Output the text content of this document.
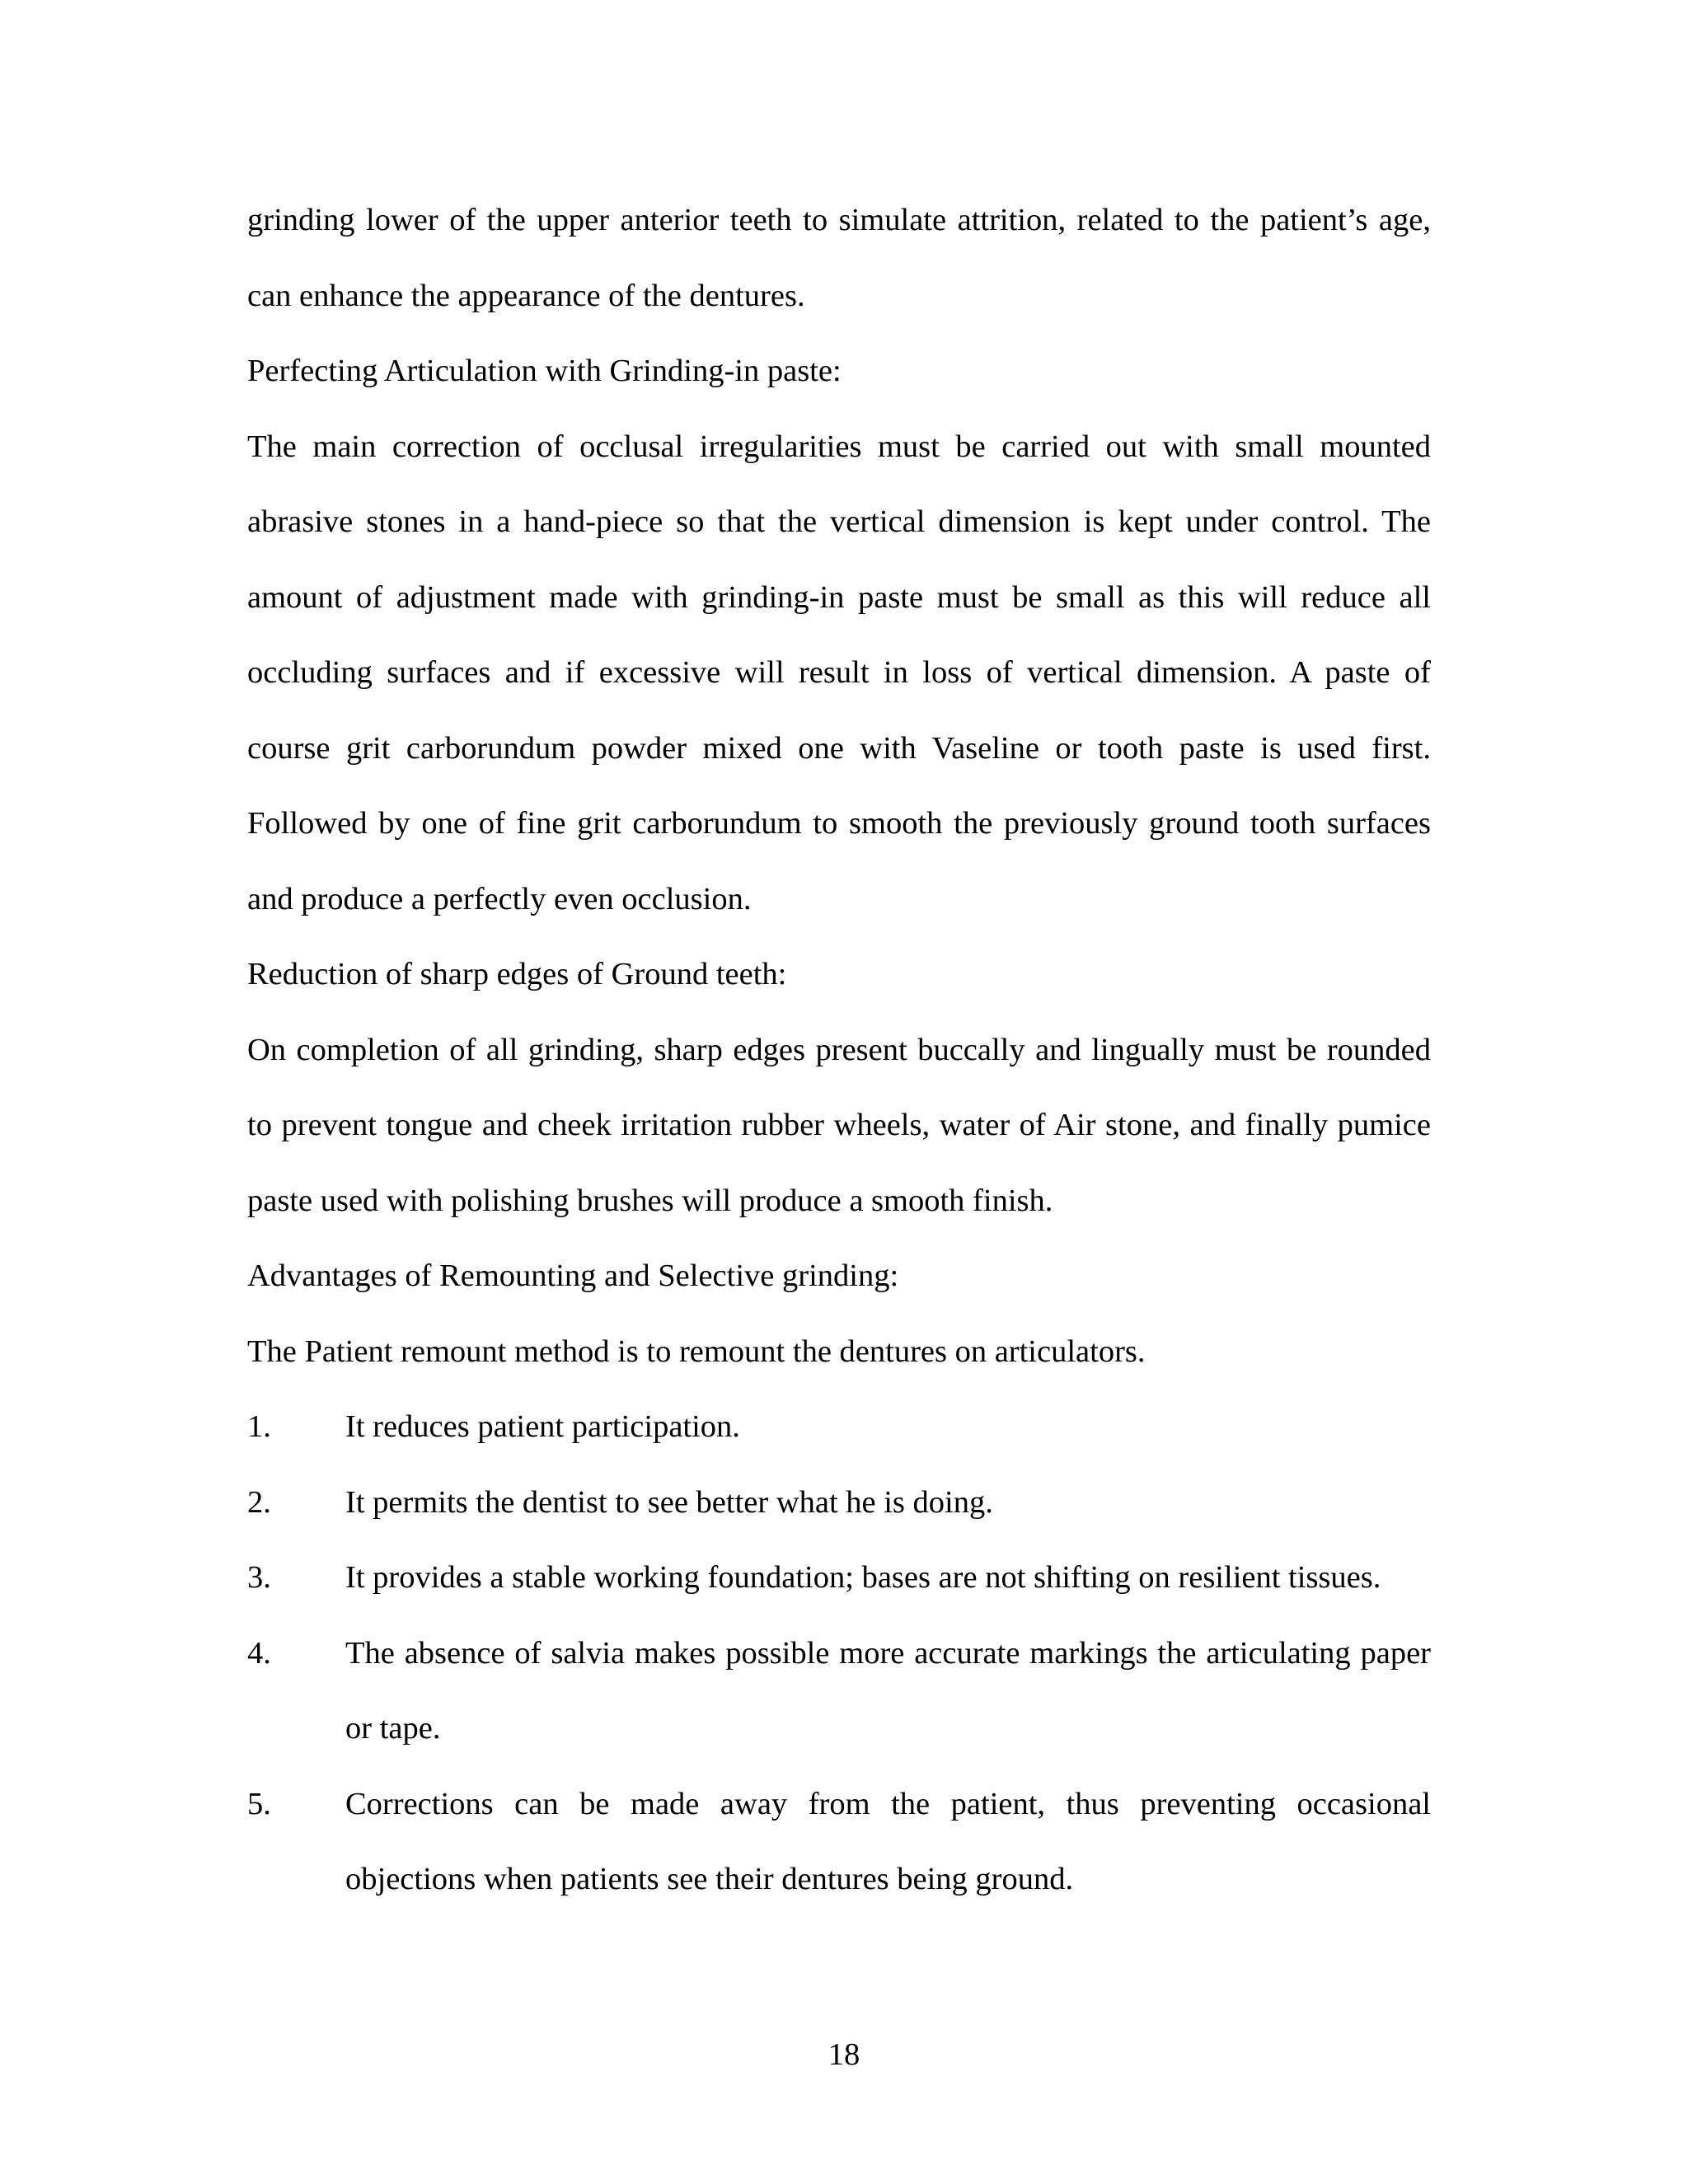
grinding lower of the upper anterior teeth to simulate attrition, related to the patient’s age, can enhance the appearance of the dentures.

Perfecting Articulation with Grinding-in paste:

The main correction of occlusal irregularities must be carried out with small mounted abrasive stones in a hand-piece so that the vertical dimension is kept under control. The amount of adjustment made with grinding-in paste must be small as this will reduce all occluding surfaces and if excessive will result in loss of vertical dimension. A paste of course grit carborundum powder mixed one with Vaseline or tooth paste is used first. Followed by one of fine grit carborundum to smooth the previously ground tooth surfaces and produce a perfectly even occlusion.

Reduction of sharp edges of Ground teeth:

On completion of all grinding, sharp edges present buccally and lingually must be rounded to prevent tongue and cheek irritation rubber wheels, water of Air stone, and finally pumice paste used with polishing brushes will produce a smooth finish.

Advantages of Remounting and Selective grinding:

The Patient remount method is to remount the dentures on articulators.

1.	It reduces patient participation.
2.	It permits the dentist to see better what he is doing.
3.	It provides a stable working foundation; bases are not shifting on resilient tissues.
4.	The absence of salvia makes possible more accurate markings the articulating paper or tape.
5.	Corrections can be made away from the patient, thus preventing occasional objections when patients see their dentures being ground.
18
